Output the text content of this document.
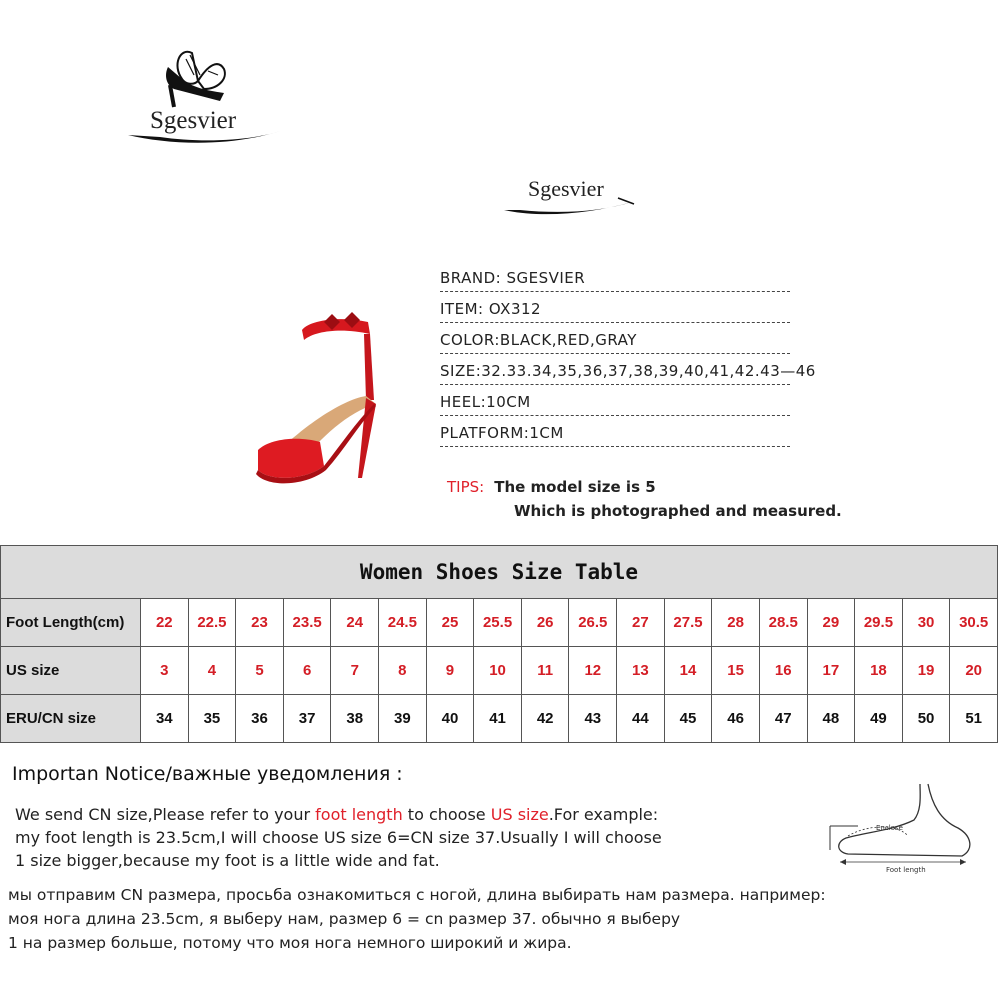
Sgesvier
Sgesvier
BRAND: SGESVIER
ITEM: OX312
COLOR:BLACK,RED,GRAY
SIZE:32.33.34,35,36,37,38,39,40,41,42.43—46
HEEL:10CM
PLATFORM:1CM
TIPS: The model size is 5
Which is photographed and measured.
Women Shoes Size Table																		
Foot Length(cm)	22	22.5	23	23.5	24	24.5	25	25.5	26	26.5	27	27.5	28	28.5	29	29.5	30	30.5
US size	3	4	5	6	7	8	9	10	11	12	13	14	15	16	17	18	19	20
ERU/CN size	34	35	36	37	38	39	40	41	42	43	44	45	46	47	48	49	50	51
Importan Notice/важные уведомления :
We send CN size,Please refer to your foot length to choose US size.For example:
my foot length is 23.5cm,I will choose US size 6=CN size 37.Usually I will choose
1 size bigger,because my foot is a little wide and fat.
мы отправим CN размера, просьба ознакомиться с ногой, длина выбирать нам размера. например:
моя нога длина 23.5cm, я выберу нам, размер 6 = cn размер 37. обычно я выберу
1 на размер больше, потому что моя нога немного широкий и жира.
Enclose
Foot length
